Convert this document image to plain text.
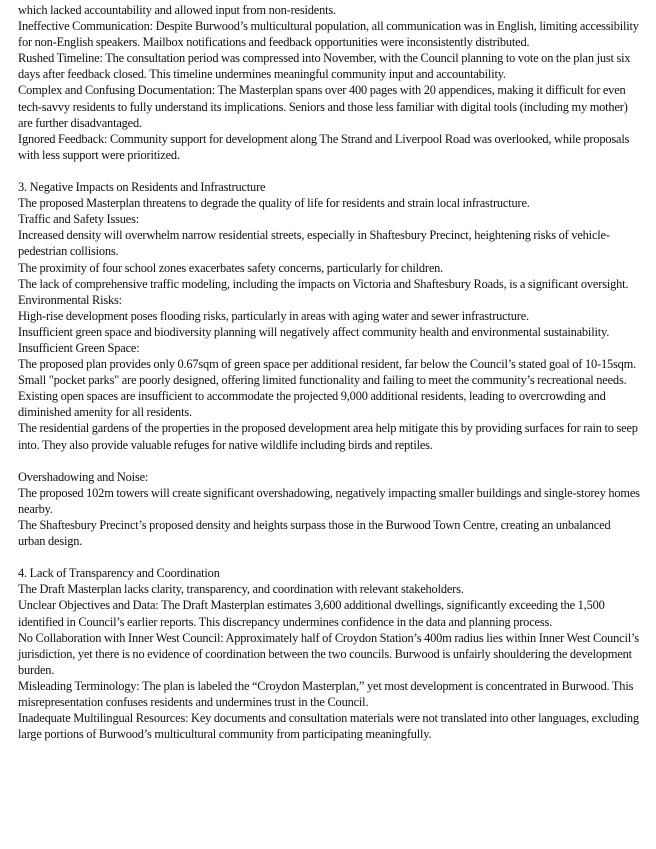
which lacked accountability and allowed input from non-residents.

Ineffective Communication: Despite Burwood’s multicultural population, all communication was in English, limiting accessibility for non-English speakers. Mailbox notifications and feedback opportunities were inconsistently distributed.

Rushed Timeline: The consultation period was compressed into November, with the Council planning to vote on the plan just six days after feedback closed. This timeline undermines meaningful community input and accountability.

Complex and Confusing Documentation: The Masterplan spans over 400 pages with 20 appendices, making it difficult for even tech-savvy residents to fully understand its implications. Seniors and those less familiar with digital tools (including my mother) are further disadvantaged.

Ignored Feedback: Community support for development along The Strand and Liverpool Road was overlooked, while proposals with less support were prioritized.

3. Negative Impacts on Residents and Infrastructure

The proposed Masterplan threatens to degrade the quality of life for residents and strain local infrastructure.

Traffic and Safety Issues:

Increased density will overwhelm narrow residential streets, especially in Shaftesbury Precinct, heightening risks of vehicle-pedestrian collisions.

The proximity of four school zones exacerbates safety concerns, particularly for children.

The lack of comprehensive traffic modeling, including the impacts on Victoria and Shaftesbury Roads, is a significant oversight.

Environmental Risks:

High-rise development poses flooding risks, particularly in areas with aging water and sewer infrastructure.

Insufficient green space and biodiversity planning will negatively affect community health and environmental sustainability.

Insufficient Green Space:

The proposed plan provides only 0.67sqm of green space per additional resident, far below the Council’s stated goal of 10-15sqm.

Small "pocket parks" are poorly designed, offering limited functionality and failing to meet the community’s recreational needs.

Existing open spaces are insufficient to accommodate the projected 9,000 additional residents, leading to overcrowding and diminished amenity for all residents.

The residential gardens of the properties in the proposed development area help mitigate this by providing surfaces for rain to seep into. They also provide valuable refuges for native wildlife including birds and reptiles.

Overshadowing and Noise:

The proposed 102m towers will create significant overshadowing, negatively impacting smaller buildings and single-storey homes nearby.

The Shaftesbury Precinct’s proposed density and heights surpass those in the Burwood Town Centre, creating an unbalanced urban design.

4. Lack of Transparency and Coordination

The Draft Masterplan lacks clarity, transparency, and coordination with relevant stakeholders.

Unclear Objectives and Data: The Draft Masterplan estimates 3,600 additional dwellings, significantly exceeding the 1,500 identified in Council’s earlier reports. This discrepancy undermines confidence in the data and planning process.

No Collaboration with Inner West Council: Approximately half of Croydon Station’s 400m radius lies within Inner West Council’s jurisdiction, yet there is no evidence of coordination between the two councils. Burwood is unfairly shouldering the development burden.

Misleading Terminology: The plan is labeled the “Croydon Masterplan,” yet most development is concentrated in Burwood. This misrepresentation confuses residents and undermines trust in the Council.

Inadequate Multilingual Resources: Key documents and consultation materials were not translated into other languages, excluding large portions of Burwood’s multicultural community from participating meaningfully.
